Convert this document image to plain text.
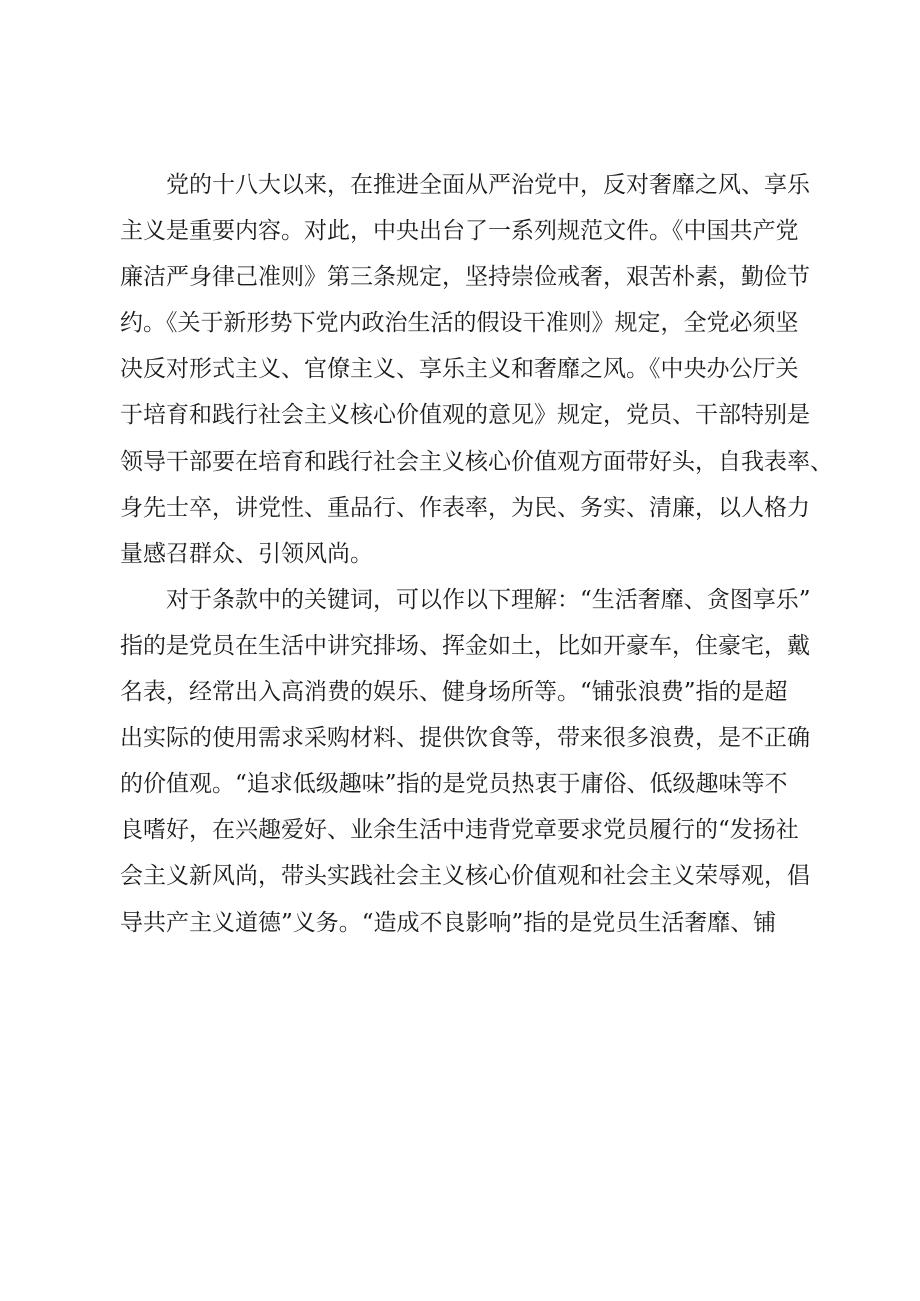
党的十八大以来，在推进全面从严治党中，反对奢靡之风、享乐
主义是重要内容。对此，中央出台了一系列规范文件。《中国共产党
廉洁严身律己准则》第三条规定，坚持崇俭戒奢，艰苦朴素，勤俭节
约。《关于新形势下党内政治生活的假设干准则》规定，全党必须坚
决反对形式主义、官僚主义、享乐主义和奢靡之风。《中央办公厅关
于培育和践行社会主义核心价值观的意见》规定，党员、干部特别是
领导干部要在培育和践行社会主义核心价值观方面带好头，自我表率、
身先士卒，讲党性、重品行、作表率，为民、务实、清廉，以人格力
量感召群众、引领风尚。
对于条款中的关键词，可以作以下理解：“生活奢靡、贪图享乐”
指的是党员在生活中讲究排场、挥金如土，比如开豪车，住豪宅，戴
名表，经常出入高消费的娱乐、健身场所等。“铺张浪费”指的是超
出实际的使用需求采购材料、提供饮食等，带来很多浪费，是不正确
的价值观。“追求低级趣味”指的是党员热衷于庸俗、低级趣味等不
良嗜好，在兴趣爱好、业余生活中违背党章要求党员履行的“发扬社
会主义新风尚，带头实践社会主义核心价值观和社会主义荣辱观，倡
导共产主义道德”义务。“造成不良影响”指的是党员生活奢靡、铺
